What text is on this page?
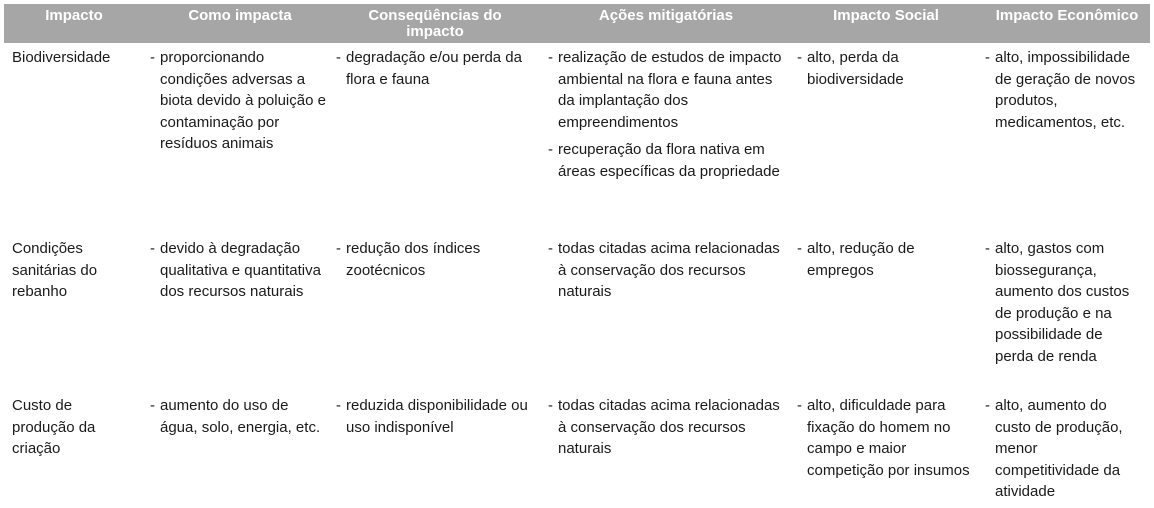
Impacto	Como impacta	Conseqüências do impacto
Ações mitigatórias	Impacto Social	Impacto Econômico
Biodiversidade
-	proporcionando condições adversas a biota devido à poluição e contaminação por resíduos animais
- degradação e/ou perda da flora e fauna
- realização de estudos de impacto ambiental na flora e fauna antes da implantação dos empreendimentos
- recuperação da flora nativa em áreas específicas da propriedade
- alto, perda da biodiversidade
- alto, impossibilidade de geração de novos produtos, medicamentos, etc.
Condições sanitárias do rebanho
- devido à degradação qualitativa e quantitativa dos recursos naturais
- redução dos índices zootécnicos
- todas citadas acima relacionadas à conservação dos recursos naturais
- alto, redução de empregos
- alto, gastos com biossegurança, aumento dos custos de produção e na possibilidade de perda de renda
Custo de produção da criação
- aumento do uso de água, solo, energia, etc.
- reduzida disponibilidade ou uso indisponível
- todas citadas acima relacionadas à conservação dos recursos naturais
- alto, dificuldade para fixação do homem no campo e maior competição por insumos
- alto, aumento do custo de produção, menor competitividade da atividade
